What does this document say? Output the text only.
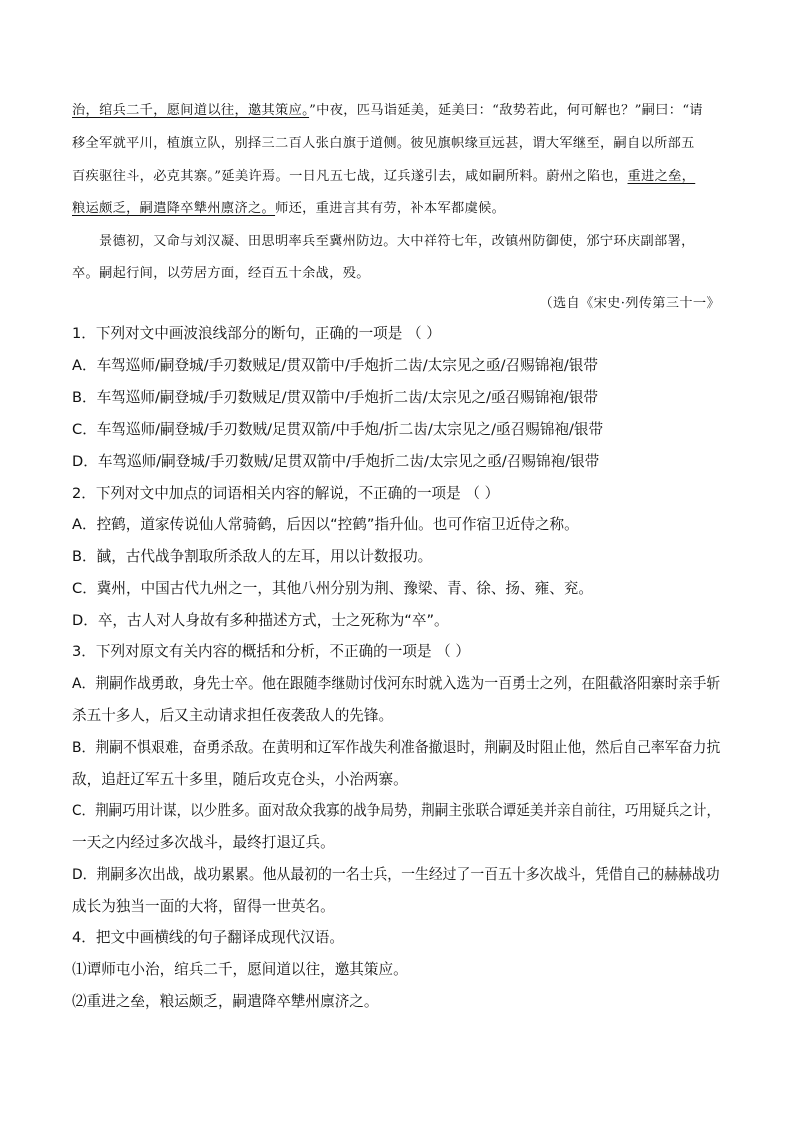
治，绾兵二千，愿间道以往，邀其策应。”中夜，匹马诣延美，延美曰：“敌势若此，何可解也？”嗣曰：“请
移全军就平川，植旗立队，别择三二百人张白旗于道侧。彼见旗帜缘亘远甚，谓大军继至，嗣自以所部五
百疾驱往斗，必克其寨。”延美许焉。一日凡五七战，辽兵遂引去，咸如嗣所料。蔚州之陷也，重进之垒，
粮运颇乏，嗣遣降卒犨州廪济之。师还，重进言其有劳，补本军都虞候。
景德初，又命与刘汉凝、田思明率兵至冀州防边。大中祥符七年，改镇州防御使，邠宁环庆副部署，
卒。嗣起行间，以劳居方面，经百五十余战，殁。
（选自《宋史·列传第三十一》
1．下列对文中画波浪线部分的断句，正确的一项是 （ ）
A．车驾巡师/嗣登城/手刃数贼足/贯双箭中/手炮折二齿/太宗见之亟/召赐锦袍/银带
B．车驾巡师/嗣登城/手刃数贼足/贯双箭中/手炮折二齿/太宗见之/亟召赐锦袍/银带
C．车驾巡师/嗣登城/手刃数贼/足贯双箭/中手炮/折二齿/太宗见之/亟召赐锦袍/银带
D．车驾巡师/嗣登城/手刃数贼/足贯双箭中/手炮折二齿/太宗见之亟/召赐锦袍/银带
2．下列对文中加点的词语相关内容的解说，不正确的一项是 （ ）
A．控鹤，道家传说仙人常骑鹤，后因以“控鹤”指升仙。也可作宿卫近侍之称。
B．馘，古代战争割取所杀敌人的左耳，用以计数报功。
C．冀州，中国古代九州之一，其他八州分别为荆、豫梁、青、徐、扬、雍、兖。
D．卒，古人对人身故有多种描述方式，士之死称为“卒”。
3．下列对原文有关内容的概括和分析，不正确的一项是 （ ）
A．荆嗣作战勇敢，身先士卒。他在跟随李继勋讨伐河东时就入选为一百勇士之列，在阻截洛阳寨时亲手斩
杀五十多人，后又主动请求担任夜袭敌人的先锋。
B．荆嗣不惧艰难，奋勇杀敌。在黄明和辽军作战失利准备撤退时，荆嗣及时阻止他，然后自己率军奋力抗
敌，追赶辽军五十多里，随后攻克仓头，小治两寨。
C．荆嗣巧用计谋，以少胜多。面对敌众我寡的战争局势，荆嗣主张联合谭延美并亲自前往，巧用疑兵之计，
一天之内经过多次战斗，最终打退辽兵。
D．荆嗣多次出战，战功累累。他从最初的一名士兵，一生经过了一百五十多次战斗，凭借自己的赫赫战功
成长为独当一面的大将，留得一世英名。
4．把文中画横线的句子翻译成现代汉语。
⑴谭师屯小治，绾兵二千，愿间道以往，邀其策应。
⑵重进之垒，粮运颇乏，嗣遣降卒犨州廪济之。
